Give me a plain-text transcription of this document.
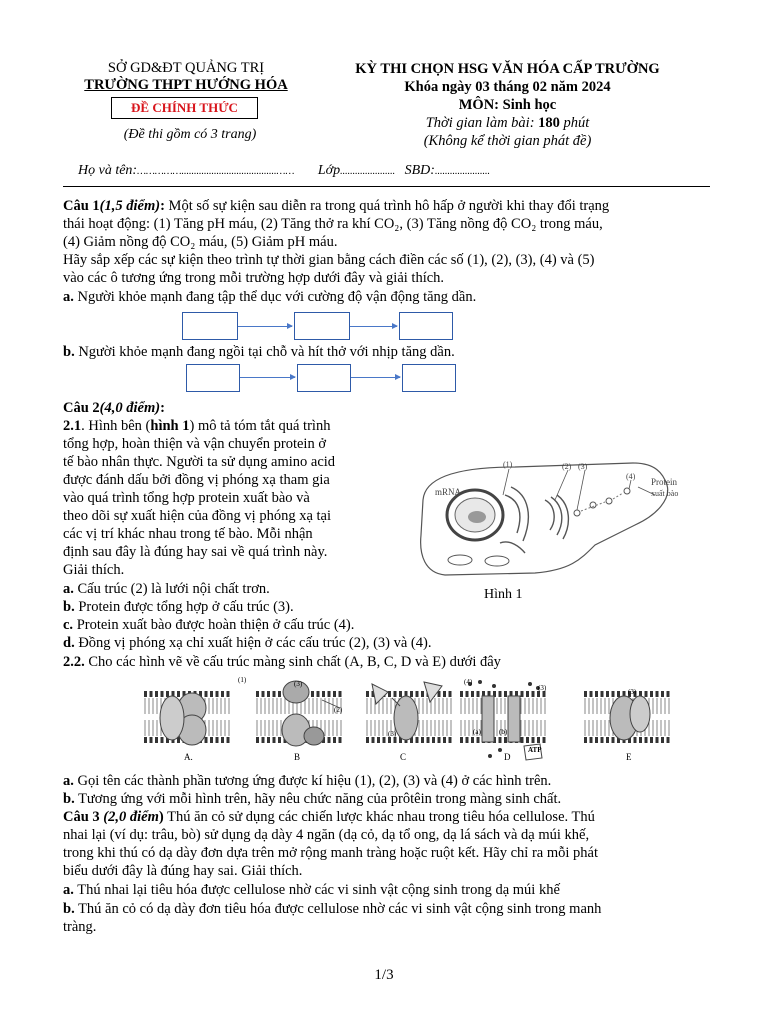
SỞ GD&ĐT QUẢNG TRỊ
TRƯỜNG THPT HƯỚNG HÓA
ĐỀ CHÍNH THỨC
(Đề thi gồm có 3 trang)
KỲ THI CHỌN HSG VĂN HÓA CẤP TRƯỜNG
Khóa ngày 03 tháng 02 năm 2024
MÔN: Sinh học
Thời gian làm bài: 180 phút
(Không kể thời gian phát đề)
Họ và tên:……………......................................…… Lớp...................... SBD:......................
Câu 1(1,5 điểm): Một số sự kiện sau diễn ra trong quá trình hô hấp ở người khi thay đổi trạng
thái hoạt động: (1) Tăng pH máu, (2) Tăng thở ra khí CO₂, (3) Tăng nồng độ CO₂ trong máu,
(4) Giảm nồng độ CO₂ máu, (5) Giảm pH máu.
Hãy sắp xếp các sự kiện theo trình tự thời gian bằng cách điền các số (1), (2), (3), (4) và (5)
vào các ô tương ứng trong mỗi trường hợp dưới đây và giải thích.
a. Người khỏe mạnh đang tập thể dục với cường độ vận động tăng dần.
b. Người khỏe mạnh đang ngồi tại chỗ và hít thở với nhịp tăng dần.
Câu 2(4,0 điểm):
2.1. Hình bên (hình 1) mô tả tóm tắt quá trình
tổng hợp, hoàn thiện và vận chuyển protein ở
tế bào nhân thực. Người ta sử dụng amino acid
được đánh dấu bởi đồng vị phóng xạ tham gia
vào quá trình tổng hợp protein xuất bào và
theo dõi sự xuất hiện của đồng vị phóng xạ tại
các vị trí khác nhau trong tế bào. Mỗi nhận
định sau đây là đúng hay sai về quá trình này.
Giải thích.
a. Cấu trúc (2) là lưới nội chất trơn.
b. Protein được tổng hợp ở cấu trúc (3).
c. Protein xuất bào được hoàn thiện ở cấu trúc (4).
d. Đồng vị phóng xạ chỉ xuất hiện ở các cấu trúc (2), (3) và (4).
2.2. Cho các hình vẽ về cấu trúc màng sinh chất (A, B, C, D và E) dưới đây
mRNA
(1)	(2) (3)
(4)
Protein
xuất bào
Hình 1
A.	B	C	D	E
(1)
(2)
(3)
(3)
(4)
(3)
(a)	(b)
ATP
(3)
a. Gọi tên các thành phần tương ứng được kí hiệu (1), (2), (3) và (4) ở các hình trên.
b. Tương ứng với mỗi hình trên, hãy nêu chức năng của prôtêin trong màng sinh chất.
Câu 3 (2,0 điểm) Thú ăn cỏ sử dụng các chiến lược khác nhau trong tiêu hóa cellulose. Thú
nhai lại (ví dụ: trâu, bò) sử dụng dạ dày 4 ngăn (dạ cỏ, dạ tổ ong, dạ lá sách và dạ múi khế,
trong khi thú có dạ dày đơn dựa trên mở rộng manh tràng hoặc ruột kết. Hãy chỉ ra mỗi phát
biểu dưới đây là đúng hay sai. Giải thích.
a. Thú nhai lại tiêu hóa được cellulose nhờ các vi sinh vật cộng sinh trong dạ múi khế
b. Thú ăn cỏ có dạ dày đơn tiêu hóa được cellulose nhờ các vi sinh vật cộng sinh trong manh
tràng.
1/3
